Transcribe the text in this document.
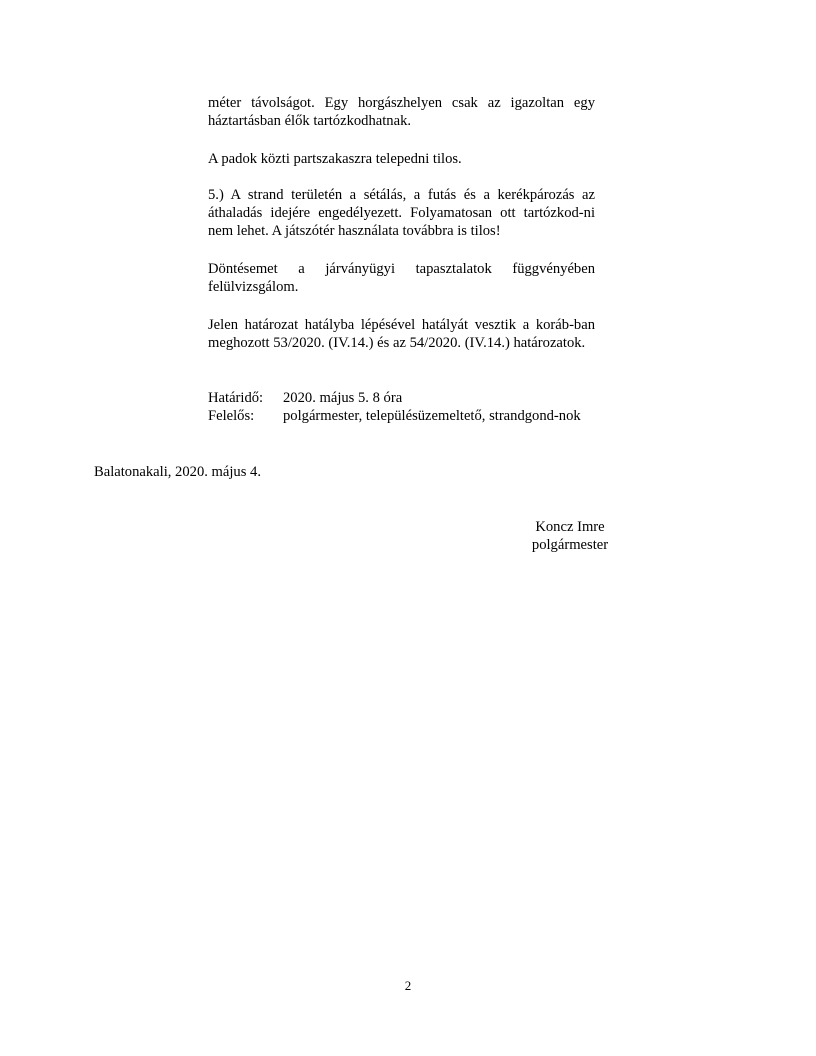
méter távolságot. Egy horgászhelyen csak az igazoltan egy háztartásban élők tartózkodhatnak.

A padok közti partszakaszra telepedni tilos.

5.) A strand területén a sétálás, a futás és a kerékpározás az áthaladás idejére engedélyezett. Folyamatosan ott tartózkod-ni nem lehet. A játszótér használata továbbra is tilos!

Döntésemet a járványügyi tapasztalatok függvényében felülvizsgálom.

Jelen határozat hatályba lépésével hatályát vesztik a koráb-ban meghozott 53/2020. (IV.14.) és az 54/2020. (IV.14.) határozatok.

Határidő:	2020. május 5. 8 óra
Felelős:	polgármester, településüzemeltető, strandgond-nok
Balatonakali, 2020. május 4.
Koncz Imre
polgármester
2
